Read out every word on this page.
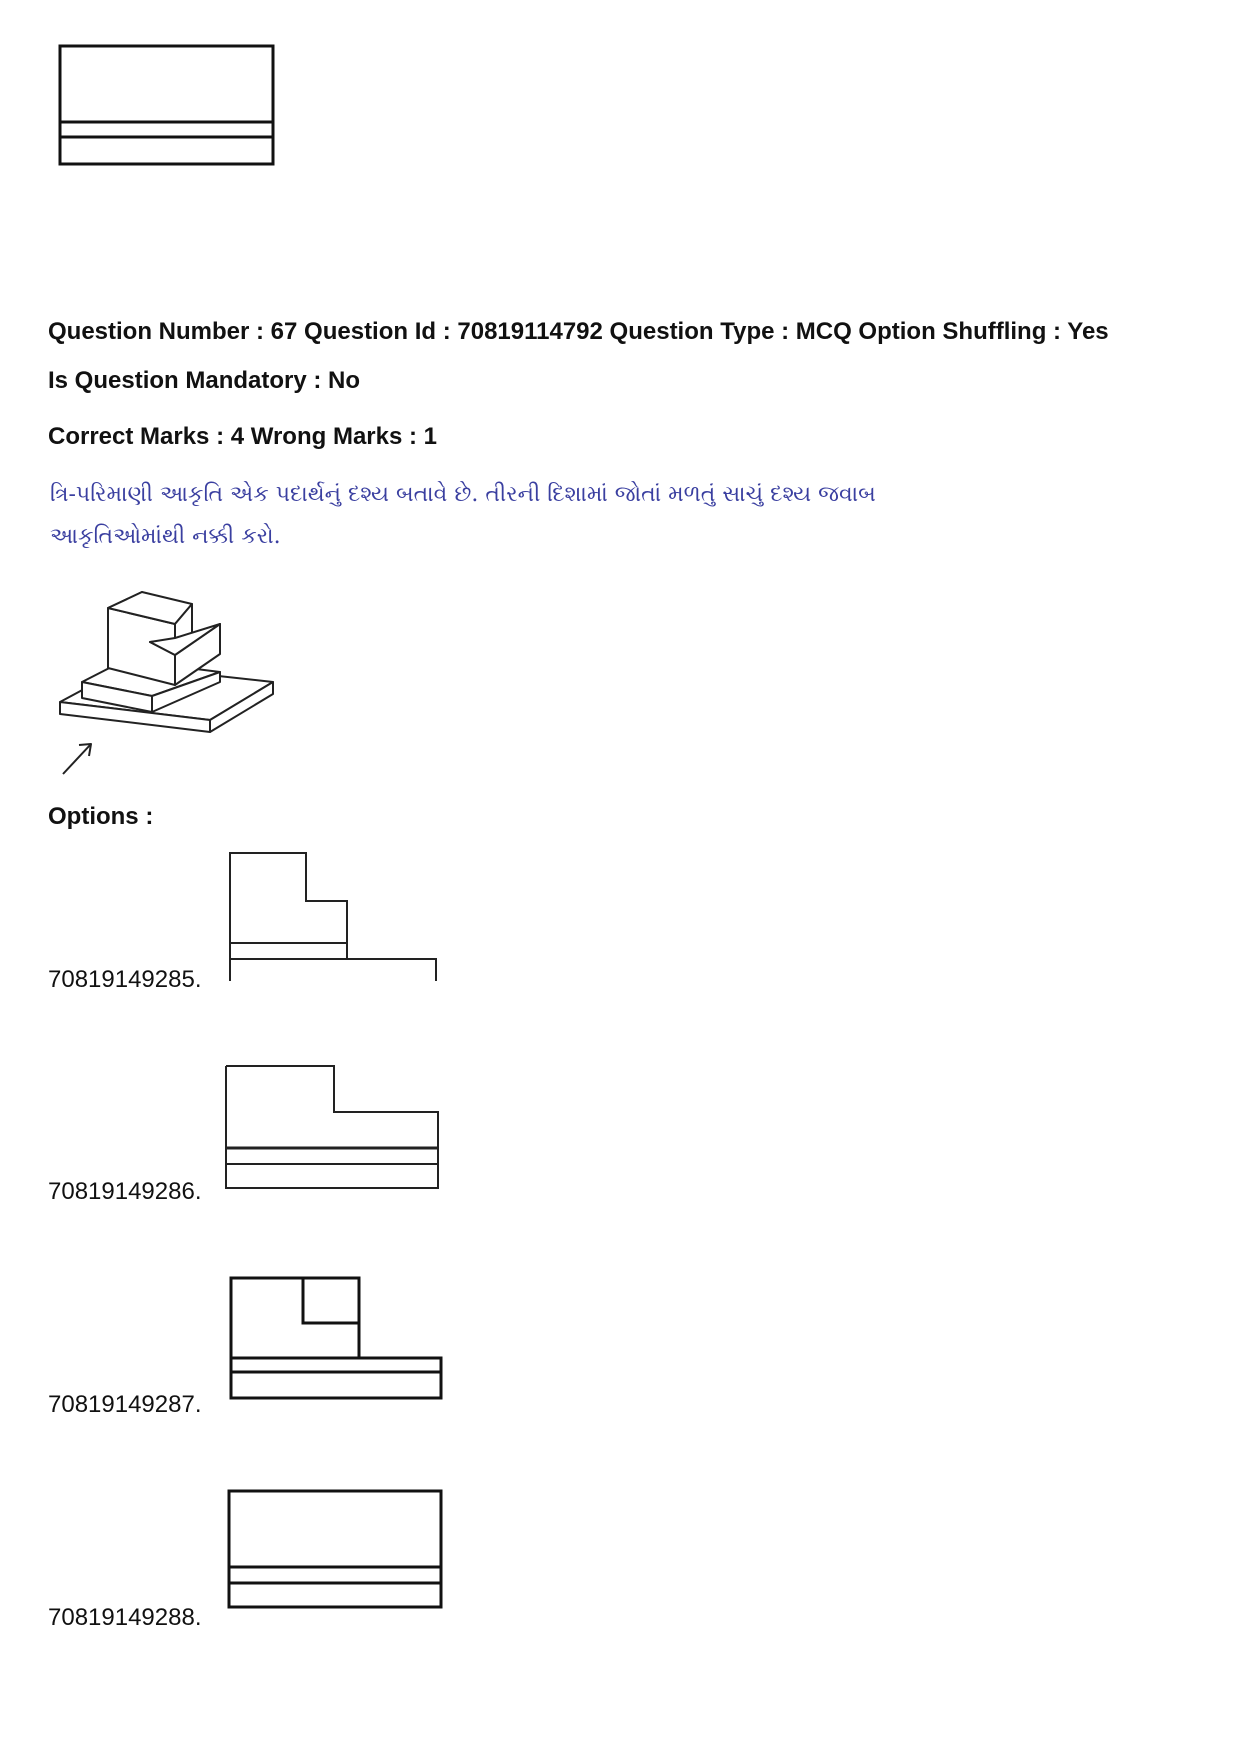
Question Number : 67 Question Id : 70819114792 Question Type : MCQ Option Shuffling : Yes
Is Question Mandatory : No
Correct Marks : 4 Wrong Marks : 1
ત્રિ-પરિમાણી આકૃતિ એક પદાર્થનું દશ્ય બતાવે છે. તીરની દિશામાં જોતાં મળતું સાચું દશ્ય જવાબ આકૃતિઓમાંથી નક્કી કરો.
Options :
70819149285.
70819149286.
70819149287.
70819149288.
